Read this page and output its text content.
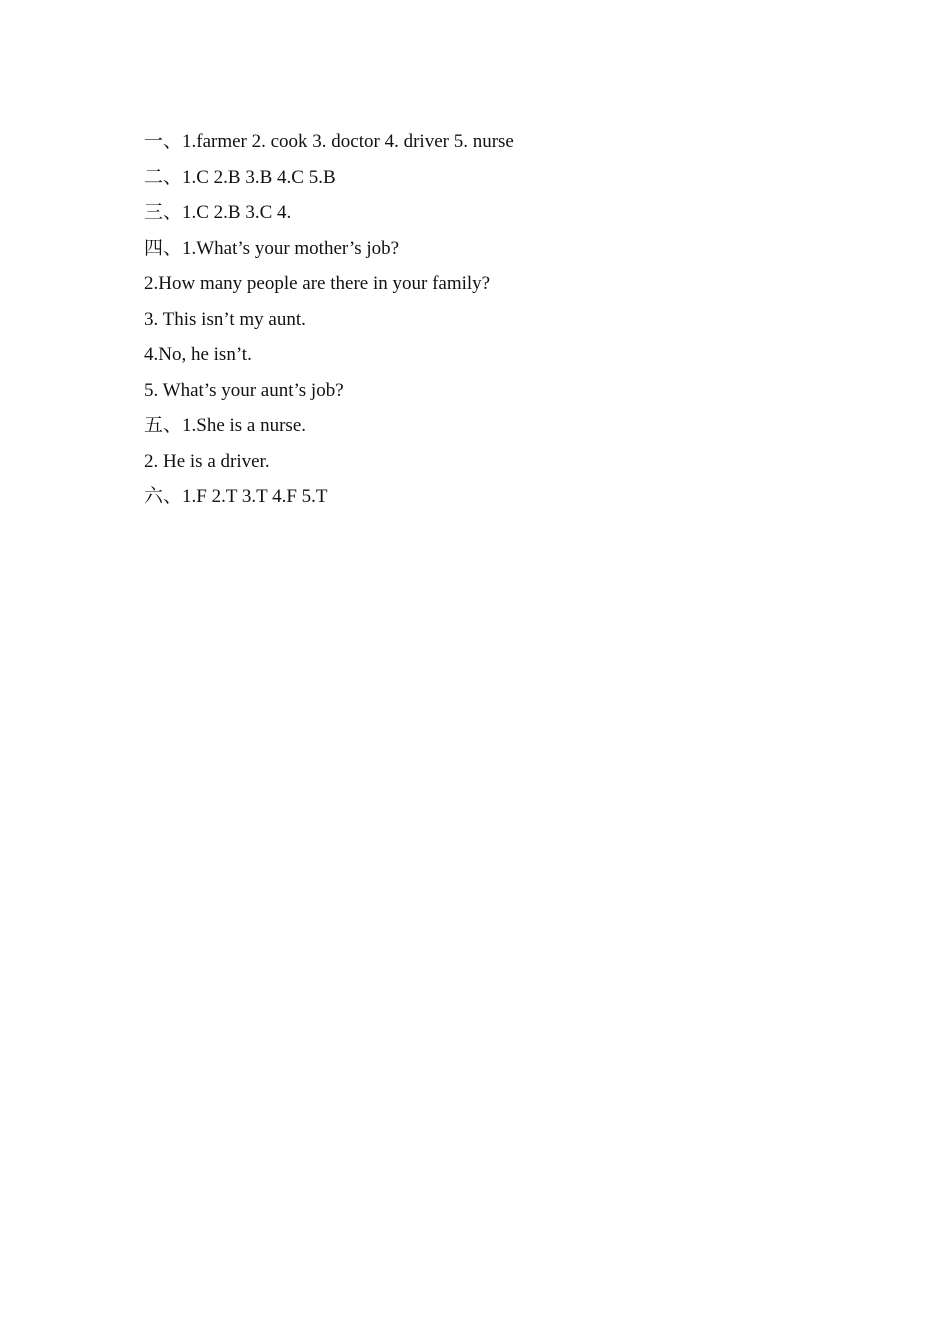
一、1.farmer 2. cook 3. doctor 4. driver 5. nurse
二、1.C 2.B 3.B 4.C 5.B
三、1.C 2.B 3.C 4.
四、1.What’s your mother’s job?
2.How many people are there in your family?
3. This isn’t my aunt.
4.No, he isn’t.
5. What’s your aunt’s job?
五、1.She is a nurse.
2. He is a driver.
六、1.F 2.T 3.T 4.F 5.T
